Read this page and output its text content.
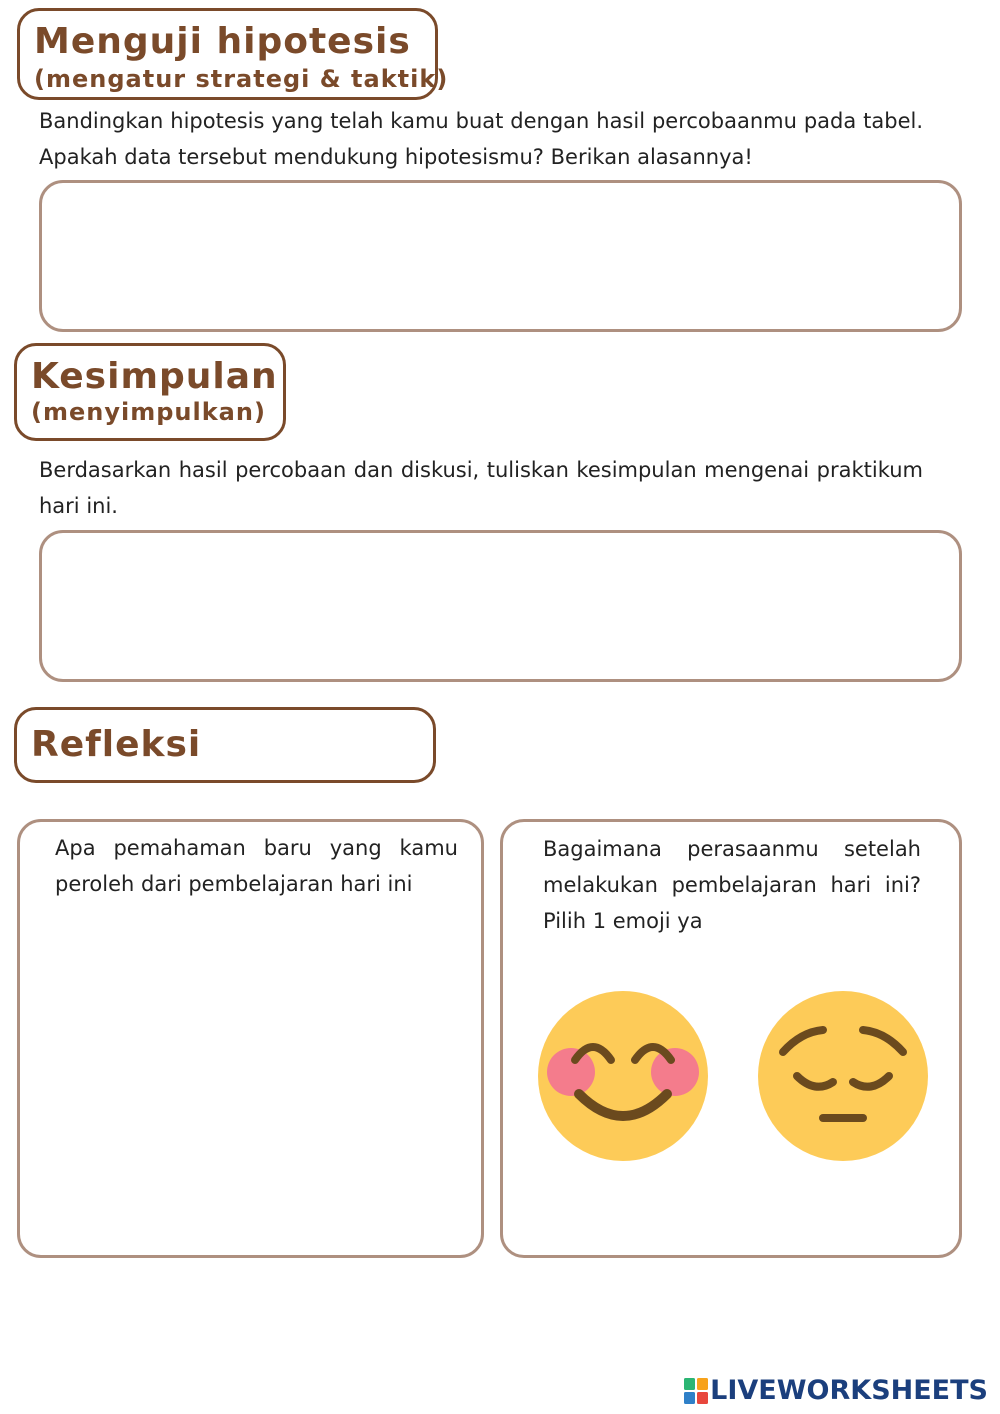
Menguji hipotesis
(mengatur strategi & taktik)
Bandingkan hipotesis yang telah kamu buat dengan hasil percobaanmu pada tabel. Apakah data tersebut mendukung hipotesismu? Berikan alasannya!
Kesimpulan
(menyimpulkan)
Berdasarkan hasil percobaan dan diskusi, tuliskan kesimpulan mengenai praktikum hari ini.
Refleksi
Apa pemahaman baru yang kamu peroleh dari pembelajaran hari ini
Bagaimana perasaanmu setelah melakukan pembelajaran hari ini? Pilih 1 emoji ya
LIVEWORKSHEETS
